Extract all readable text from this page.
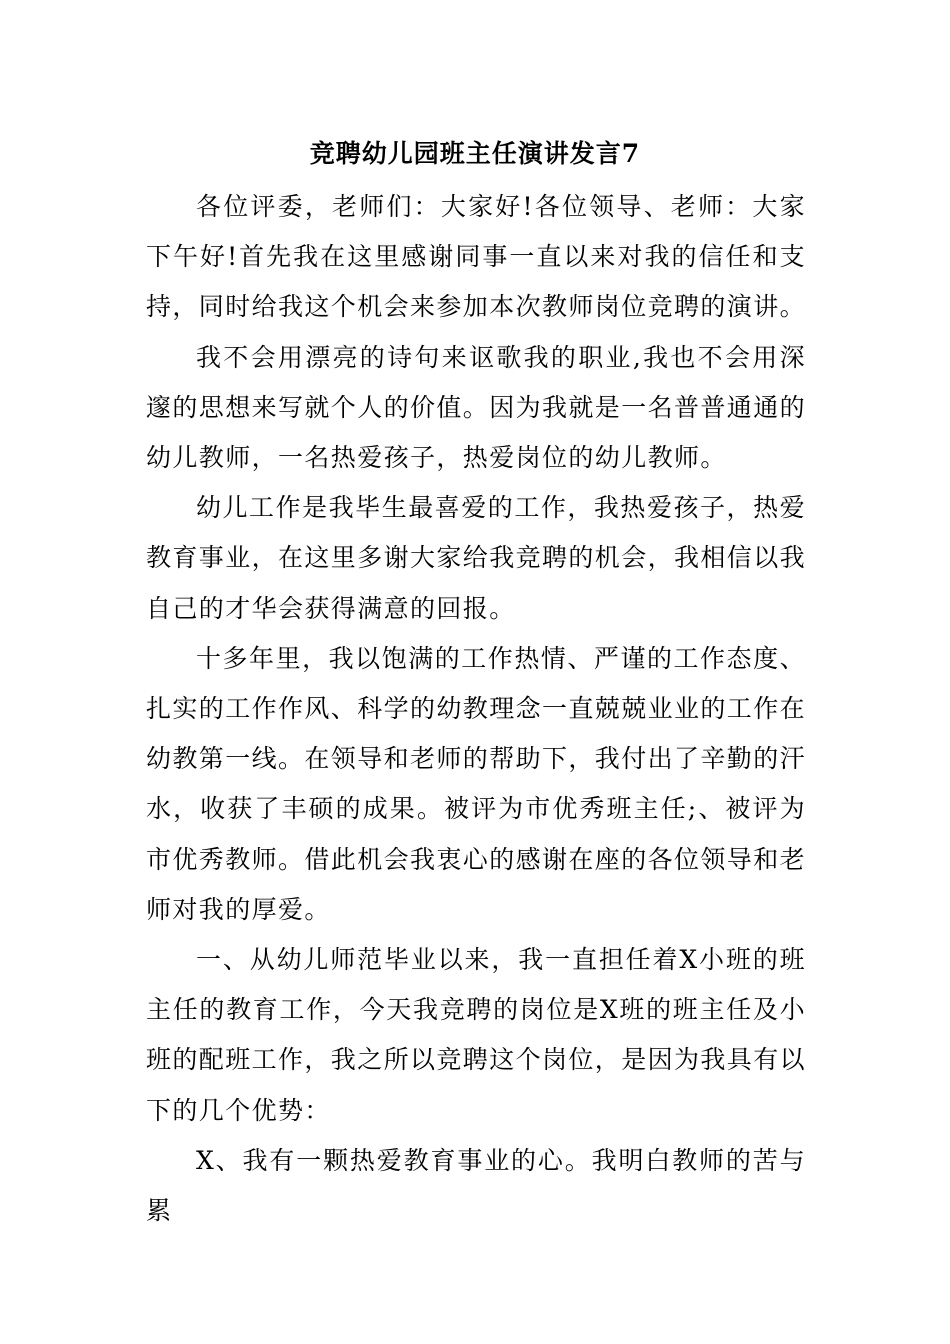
竞聘幼儿园班主任演讲发言7

各位评委，老师们：大家好!各位领导、老师：大家下午好!首先我在这里感谢同事一直以来对我的信任和支持，同时给我这个机会来参加本次教师岗位竞聘的演讲。

我不会用漂亮的诗句来讴歌我的职业,我也不会用深邃的思想来写就个人的价值。因为我就是一名普普通通的幼儿教师，一名热爱孩子，热爱岗位的幼儿教师。

幼儿工作是我毕生最喜爱的工作，我热爱孩子，热爱教育事业，在这里多谢大家给我竞聘的机会，我相信以我自己的才华会获得满意的回报。

十多年里，我以饱满的工作热情、严谨的工作态度、扎实的工作作风、科学的幼教理念一直兢兢业业的工作在幼教第一线。在领导和老师的帮助下，我付出了辛勤的汗水，收获了丰硕的成果。被评为市优秀班主任;、被评为市优秀教师。借此机会我衷心的感谢在座的各位领导和老师对我的厚爱。

一、从幼儿师范毕业以来，我一直担任着X小班的班主任的教育工作，今天我竞聘的岗位是X班的班主任及小班的配班工作，我之所以竞聘这个岗位，是因为我具有以下的几个优势：

X、我有一颗热爱教育事业的心。我明白教师的苦与累
